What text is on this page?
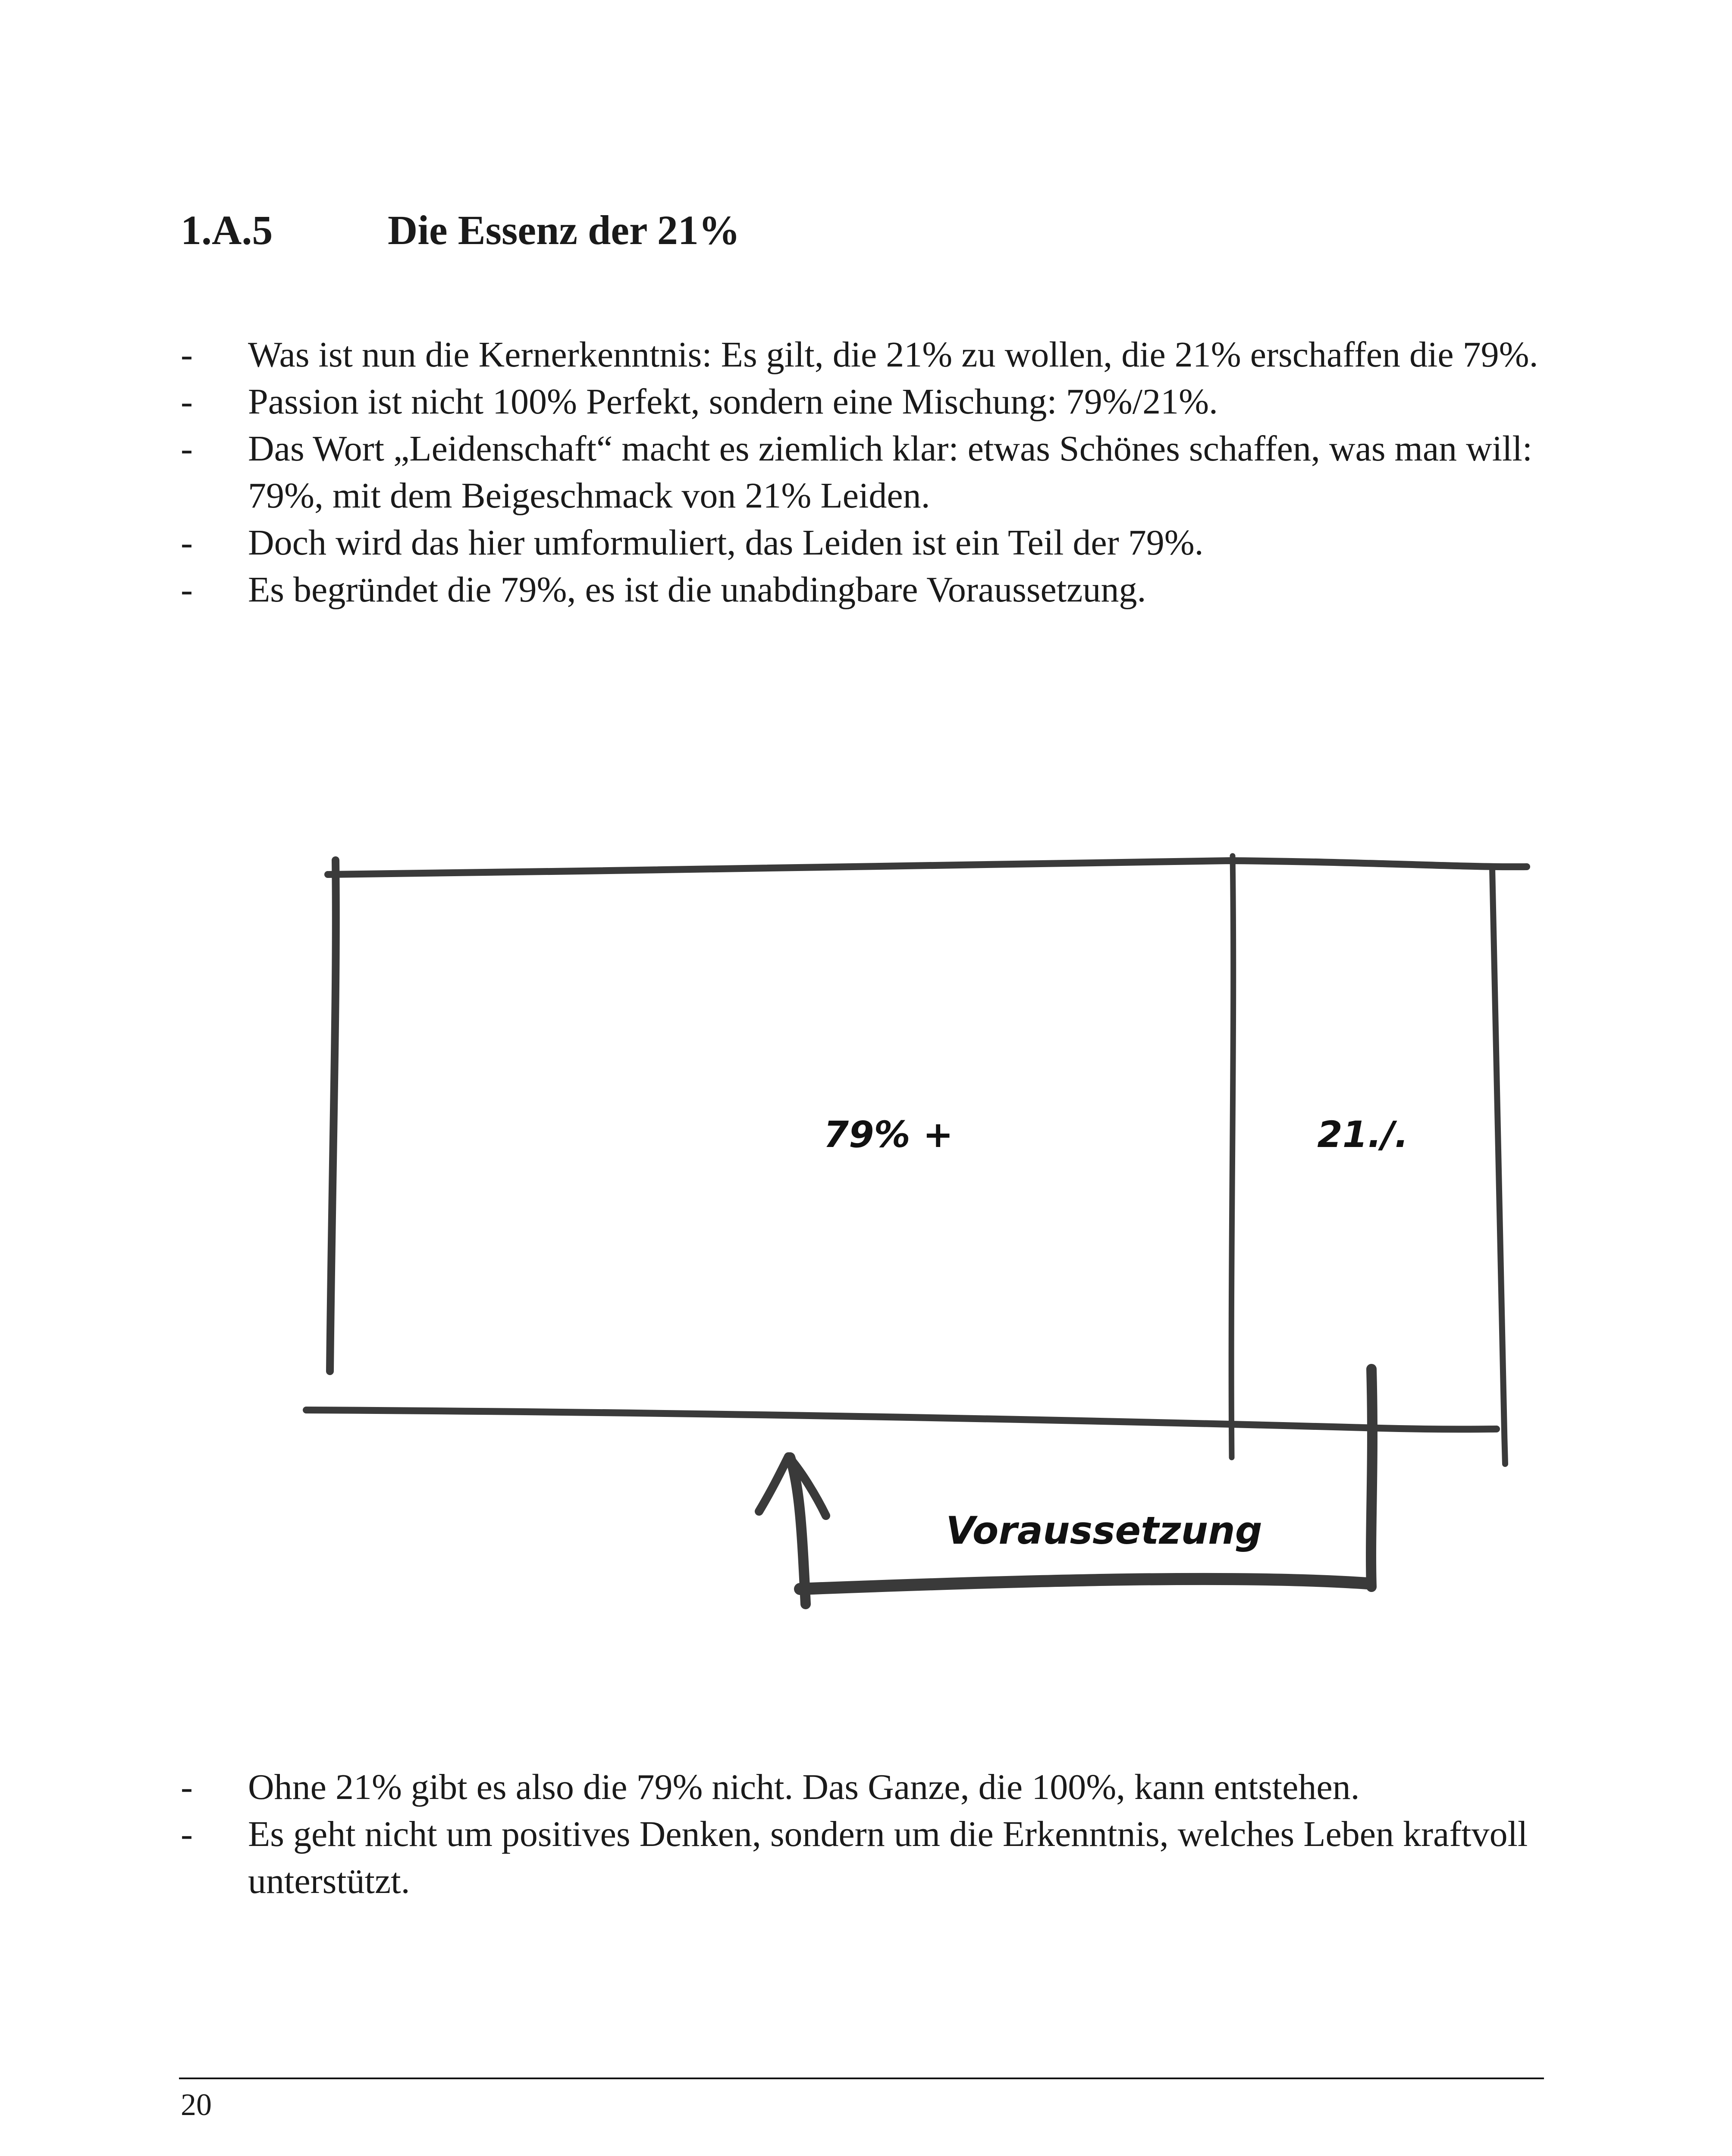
1.A.5	Die Essenz der 21%
- Was ist nun die Kernerkenntnis: Es gilt, die 21% zu wollen, die 21% erschaffen die 79%.
- Passion ist nicht 100% Perfekt, sondern eine Mischung: 79%/21%.
- Das Wort „Leidenschaft“ macht es ziemlich klar: etwas Schönes schaffen, was man will: 79%, mit dem Beigeschmack von 21% Leiden.
- Doch wird das hier umformuliert, das Leiden ist ein Teil der 79%.
- Es begründet die 79%, es ist die unabdingbare Voraussetzung.
79% +	21./.
Voraussetzung
- Ohne 21% gibt es also die 79% nicht. Das Ganze, die 100%, kann entstehen.
- Es geht nicht um positives Denken, sondern um die Erkenntnis, welches Leben kraftvoll unterstützt.
20
